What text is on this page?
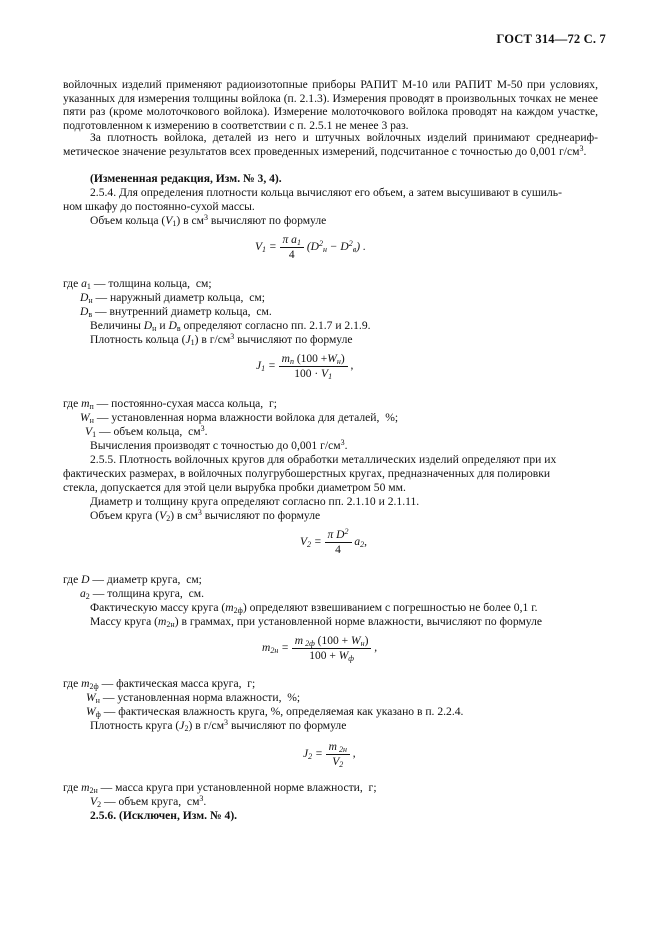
ГОСТ 314—72 С. 7
войлочных изделий применяют радиоизотопные приборы РАПИТ М-10 или РАПИТ М-50 при условиях, указанных для измерения толщины войлока (п. 2.1.3). Измерения проводят в произвольных точках не менее пяти раз (кроме молоточкового войлока). Измерение молоточкового войлока проводят на каждом участке, подготовленном к измерению в соответствии с п. 2.5.1 не менее 3 раз.
За плотность войлока, деталей из него и штучных войлочных изделий принимают среднеариф- метическое значение результатов всех проведенных измерений, подсчитанное с точностью до 0,001 $г/см^3$.
(Измененная редакция, Изм. № 3, 4).
2.5.4. Для определения плотности кольца вычисляют его объем, а затем высушивают в сушиль-
ном шкафу до постоянно-сухой массы.
Объем кольца $(V_1)$ в $см^3$ вычисляют по формуле
$V_1 = \frac{\pi a_1}{4} (D^2_н - D^2_в)$ .
где $a_1$ — толщина кольца,  см;
$D_н$ — наружный диаметр кольца,  см;
$D_в$ — внутренний диаметр кольца,  см.
Величины $D_н$ и $D_в$ определяют согласно пп. 2.1.7 и 2.1.9.
Плотность кольца $(J_1)$ в $г/см^3$ вычисляют по формуле
$J_1 = \frac{m_п (100 +W_н)}{100 \cdot V_1}$ ,
где $m_п$ — постоянно-сухая масса кольца,  г;
$W_н$ — установленная норма влажности войлока для деталей,  %;
$V_1$ — объем кольца,  $см^3$.
Вычисления производят с точностью до 0,001 $г/см^3$.
2.5.5. Плотность войлочных кругов для обработки металлических изделий определяют при их
фактических размерах, в войлочных полугрубошерстных кругах, предназначенных для полировки
стекла, допускается для этой цели вырубка пробки диаметром 50 мм.
Диаметр и толщину круга определяют согласно пп. 2.1.10 и 2.1.11.
Объем круга $(V_2)$ в $см^3$ вычисляют по формуле
$V_2 = \frac{\pi D^2}{4} a_2$,
где D — диаметр круга,  см;
$a_2$ — толщина круга,  см.
Фактическую массу круга $(m_{2ф})$ определяют взвешиванием с погрешностью не более 0,1 г.
Массу круга $(m_{2н})$ в граммах, при установленной норме влажности, вычисляют по формуле
$m_{2н} = \frac{m _{2ф} (100 + W_н)}{100 + W_ф}$ ,
где $m_{2ф}$ — фактическая масса круга,  г;
$W_н$ — установленная норма влажности,  %;
$W_ф$ — фактическая влажность круга, %, определяемая как указано в п. 2.2.4.
Плотность круга $(J_2)$ в $г/см^3$ вычисляют по формуле
$J_2 = \frac{m _{2н}}{V_2}$ ,
где $m_{2н}$ — масса круга при установленной норме влажности,  г;
$V_2$ — объем круга,  $см^3$.
2.5.6. (Исключен, Изм. № 4).
